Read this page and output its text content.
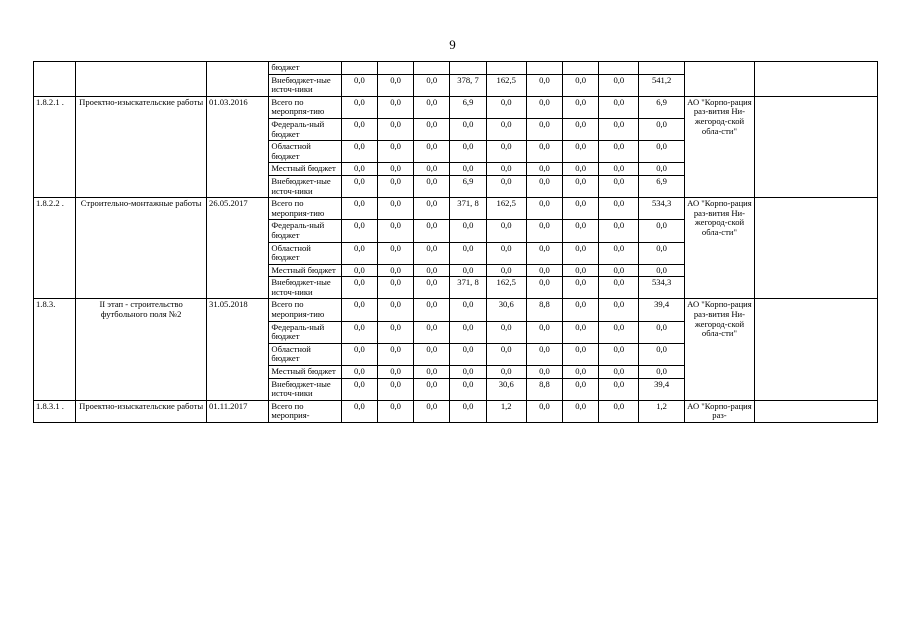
9
			бюджет											
			Внебюджет-ные источ-ники	0,0	0,0	0,0	378, 7	162,5	0,0	0,0	0,0	541,2		
1.8.2.1 .	Проектно-изыскательские работы	01.03.2016	Всего по меропрпя-тию	0,0	0,0	0,0	6,9	0,0	0,0	0,0	0,0	6,9	АО "Корпо-рация раз-вития Ни-жегород-ской обла-сти"	
			Федераль-ный бюджет	0,0	0,0	0,0	0,0	0,0	0,0	0,0	0,0	0,0		
			Областной бюджет	0,0	0,0	0,0	0,0	0,0	0,0	0,0	0,0	0,0		
			Местный бюджет	0,0	0,0	0,0	0,0	0,0	0,0	0,0	0,0	0,0		
			Внебюджет-ные источ-ники	0,0	0,0	0,0	6,9	0,0	0,0	0,0	0,0	6,9		
1.8.2.2 .	Строительно-монтажные работы	26.05.2017	Всего по мероприя-тию	0,0	0,0	0,0	371, 8	162,5	0,0	0,0	0,0	534,3	АО "Корпо-рация раз-вития Ни-жегород-ской обла-сти"	
			Федераль-ный бюджет	0,0	0,0	0,0	0,0	0,0	0,0	0,0	0,0	0,0		
			Областной бюджет	0,0	0,0	0,0	0,0	0,0	0,0	0,0	0,0	0,0		
			Местный бюджет	0,0	0,0	0,0	0,0	0,0	0,0	0,0	0,0	0,0		
			Внебюджет-ные источ-ники	0,0	0,0	0,0	371, 8	162,5	0,0	0,0	0,0	534,3		
1.8.3.	II этап - строительство футбольного поля №2	31.05.2018	Всего по мероприя-тию	0,0	0,0	0,0	0,0	30,6	8,8	0,0	0,0	39,4	АО "Корпо-рация раз-вития Ни-жегород-ской обла-сти"	
			Федераль-ный бюджет	0,0	0,0	0,0	0,0	0,0	0,0	0,0	0,0	0,0		
			Областной бюджет	0,0	0,0	0,0	0,0	0,0	0,0	0,0	0,0	0,0		
			Местный бюджет	0,0	0,0	0,0	0,0	0,0	0,0	0,0	0,0	0,0		
			Внебюджет-ные источ-ники	0,0	0,0	0,0	0,0	30,6	8,8	0,0	0,0	39,4		
1.8.3.1 .	Проектно-изыскательские работы	01.11.2017	Всего по мероприя-	0,0	0,0	0,0	0,0	1,2	0,0	0,0	0,0	1,2	АО "Корпо-рация раз-	
